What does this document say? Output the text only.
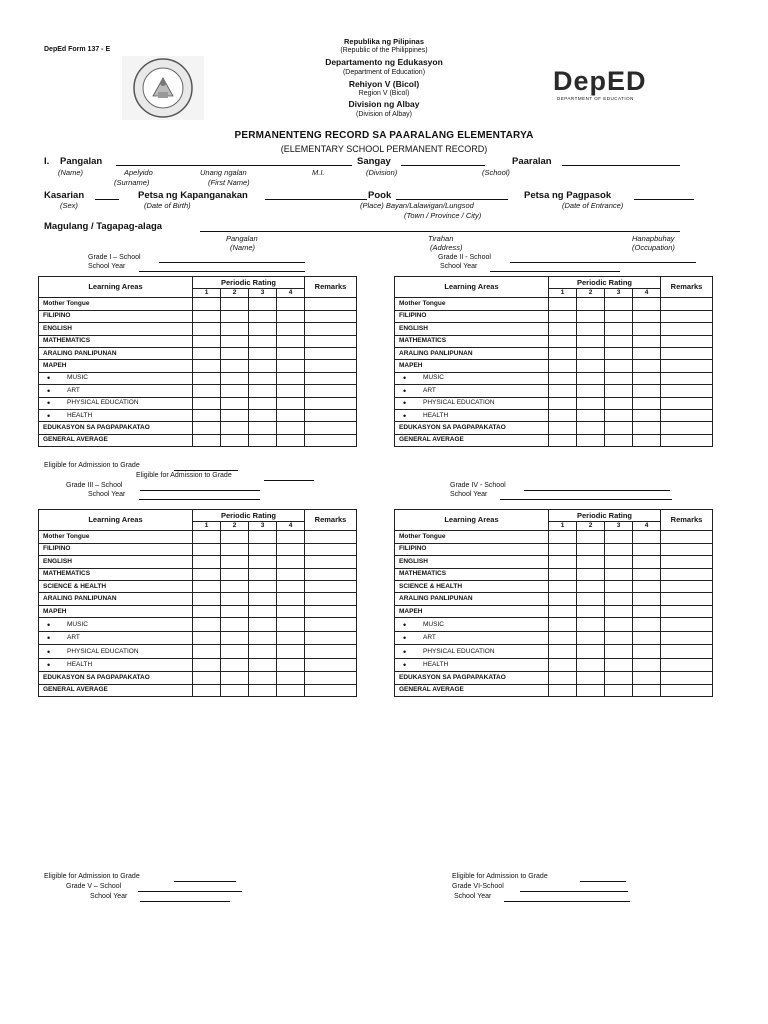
DepEd Form 137 - E
Republika ng Pilipinas
(Republic of the Philippines)
Departamento ng Edukasyon
(Department of Education)
Rehiyon V (Bicol)
Region V (Bicol)
Division ng Albay
(Division of Albay)
DepED
DEPARTMENT OF EDUCATION
PERMANENTENG RECORD SA PAARALANG ELEMENTARYA
(ELEMENTARY SCHOOL PERMANENT RECORD)
I. Pangalan	Sangay	Paaralan
(Name)	Apelyido
(Surname)
Unang ngalan
(First Name)
M.I.	(Division)	(School)
Kasarian	Petsa ng Kapanganakan	Pook	Petsa ng Pagpasok
(Sex)	(Date of Birth)	(Place) Bayan/Lalawigan/Lungsod	(Date of Entrance)
(Town / Province / City)
Magulang / Tagapag-alaga
Pangalan
(Name)
Tirahan
(Address)
Hanapbuhay
(Occupation)
Grade I – School
School Year
Grade II - School
School Year
Learning Areas	Periodic Rating				Remarks
	1	2	3	4	
Mother Tongue					
FILIPINO					
ENGLISH					
MATHEMATICS					
ARALING PANLIPUNAN					
MAPEH					
• MUSIC					
• ART					
• PHYSICAL EDUCATION					
• HEALTH					
EDUKASYON SA PAGPAPAKATAO					
GENERAL AVERAGE					
Learning Areas	Periodic Rating				Remarks
	1	2	3	4	
Mother Tongue					
FILIPINO					
ENGLISH					
MATHEMATICS					
ARALING PANLIPUNAN					
MAPEH					
• MUSIC					
• ART					
• PHYSICAL EDUCATION					
• HEALTH					
EDUKASYON SA PAGPAPAKATAO					
GENERAL AVERAGE					
Learning Areas	Periodic Rating				Remarks
	1	2	3	4	
Mother Tongue					
FILIPINO					
ENGLISH					
MATHEMATICS					
SCIENCE & HEALTH					
ARALING PANLIPUNAN					
MAPEH					
• MUSIC					
• ART					
• PHYSICAL EDUCATION					
• HEALTH					
EDUKASYON SA PAGPAPAKATAO					
GENERAL AVERAGE					
Learning Areas	Periodic Rating				Remarks
	1	2	3	4	
Mother Tongue					
FILIPINO					
ENGLISH					
MATHEMATICS					
SCIENCE & HEALTH					
ARALING PANLIPUNAN					
MAPEH					
• MUSIC					
• ART					
• PHYSICAL EDUCATION					
• HEALTH					
EDUKASYON SA PAGPAPAKATAO					
GENERAL AVERAGE					
Eligible for Admission to Grade
Eligible for Admission to Grade
Grade III – School
School Year
Grade IV - School
School Year
Eligible for Admission to Grade
Grade V – School
School Year
Eligible for Admission to Grade
Grade VI-School
School Year
